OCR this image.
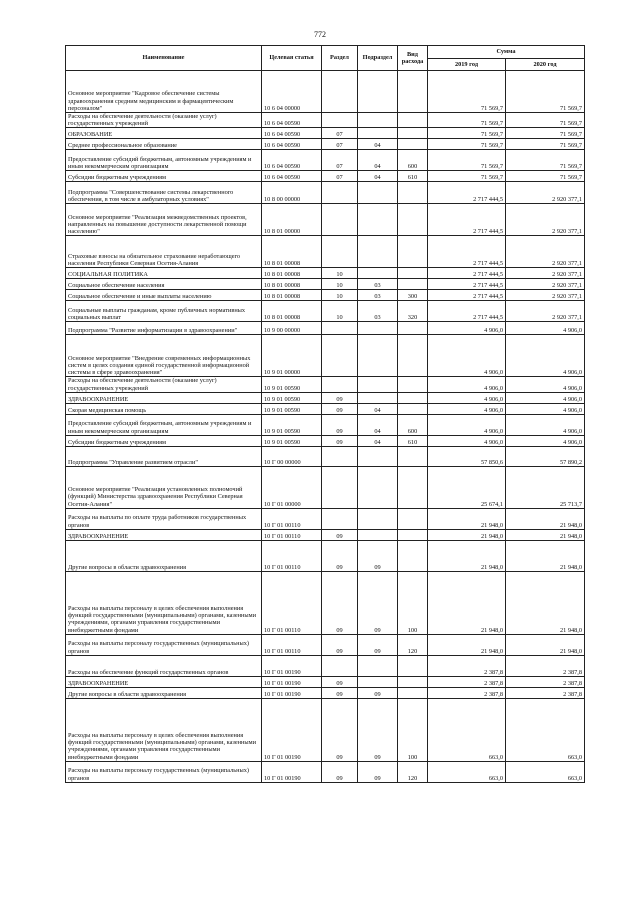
772
Наименование	Целевая статья	Раздел	Подраздел	Вид расхода	Сумма	
					2019 год	2020 год
Основное мероприятие "Кадровое обеспечение системы здравоохранения средним медицинским и фармацевтическим персоналом"	10 6 04 00000				71 569,7	71 569,7
Расходы на обеспечение деятельности (оказание услуг) государственных учреждений	10 6 04 00590				71 569,7	71 569,7
ОБРАЗОВАНИЕ	10 6 04 00590	07			71 569,7	71 569,7
Среднее профессиональное образование	10 6 04 00590	07	04		71 569,7	71 569,7
Предоставление субсидий бюджетным, автономным учреждениям и иным некоммерческим организациям	10 6 04 00590	07	04	600	71 569,7	71 569,7
Субсидии бюджетным учреждениям	10 6 04 00590	07	04	610	71 569,7	71 569,7
Подпрограмма "Совершенствование системы лекарственного обеспечения, в том числе в амбулаторных условиях"	10 8 00 00000				2 717 444,5	2 920 377,1
Основное мероприятие "Реализация межведомственных проектов, направленных на повышение доступности лекарственной помощи населению"	10 8 01 00000				2 717 444,5	2 920 377,1
Страховые взносы на обязательное страхование неработающего населения Республики Северная Осетия-Алания	10 8 01 00008				2 717 444,5	2 920 377,1
СОЦИАЛЬНАЯ ПОЛИТИКА	10 8 01 00008	10			2 717 444,5	2 920 377,1
Социальное обеспечение населения	10 8 01 00008	10	03		2 717 444,5	2 920 377,1
Социальное обеспечение и иные выплаты населению	10 8 01 00008	10	03	300	2 717 444,5	2 920 377,1
Социальные выплаты гражданам, кроме публичных нормативных социальных выплат	10 8 01 00008	10	03	320	2 717 444,5	2 920 377,1
Подпрограмма "Развитие информатизации в здравоохранении"	10 9 00 00000				4 906,0	4 906,0
Основное мероприятие "Внедрение современных информационных систем в целях создания единой государственной информационной системы в сфере здравоохранения"	10 9 01 00000				4 906,0	4 906,0
Расходы на обеспечение деятельности (оказание услуг) государственных учреждений	10 9 01 00590				4 906,0	4 906,0
ЗДРАВООХРАНЕНИЕ	10 9 01 00590	09			4 906,0	4 906,0
Скорая медицинская помощь	10 9 01 00590	09	04		4 906,0	4 906,0
Предоставление субсидий бюджетным, автономным учреждениям и иным некоммерческим организациям	10 9 01 00590	09	04	600	4 906,0	4 906,0
Субсидии бюджетным учреждениям	10 9 01 00590	09	04	610	4 906,0	4 906,0
Подпрограмма "Управление развитием отрасли"	10 Г 00 00000				57 850,6	57 890,2
Основное мероприятие "Реализация установленных полномочий (функций) Министерства здравоохранения Республики Северная Осетия-Алания"	10 Г 01 00000				25 674,1	25 713,7
Расходы на выплаты по оплате труда работников государственных органов	10 Г 01 00110				21 948,0	21 948,0
ЗДРАВООХРАНЕНИЕ	10 Г 01 00110	09			21 948,0	21 948,0
Другие вопросы в области здравоохранения	10 Г 01 00110	09	09		21 948,0	21 948,0
Расходы на выплаты персоналу в целях обеспечения выполнения функций государственными (муниципальными) органами, казенными учреждениями, органами управления государственными внебюджетными фондами	10 Г 01 00110	09	09	100	21 948,0	21 948,0
Расходы на выплаты персоналу государственных (муниципальных) органов	10 Г 01 00110	09	09	120	21 948,0	21 948,0
Расходы на обеспечение функций государственных органов	10 Г 01 00190				2 387,8	2 387,8
ЗДРАВООХРАНЕНИЕ	10 Г 01 00190	09			2 387,8	2 387,8
Другие вопросы в области здравоохранения	10 Г 01 00190	09	09		2 387,8	2 387,8
Расходы на выплаты персоналу в целях обеспечения выполнения функций государственными (муниципальными) органами, казенными учреждениями, органами управления государственными внебюджетными фондами	10 Г 01 00190	09	09	100	663,0	663,0
Расходы на выплаты персоналу государственных (муниципальных) органов	10 Г 01 00190	09	09	120	663,0	663,0
